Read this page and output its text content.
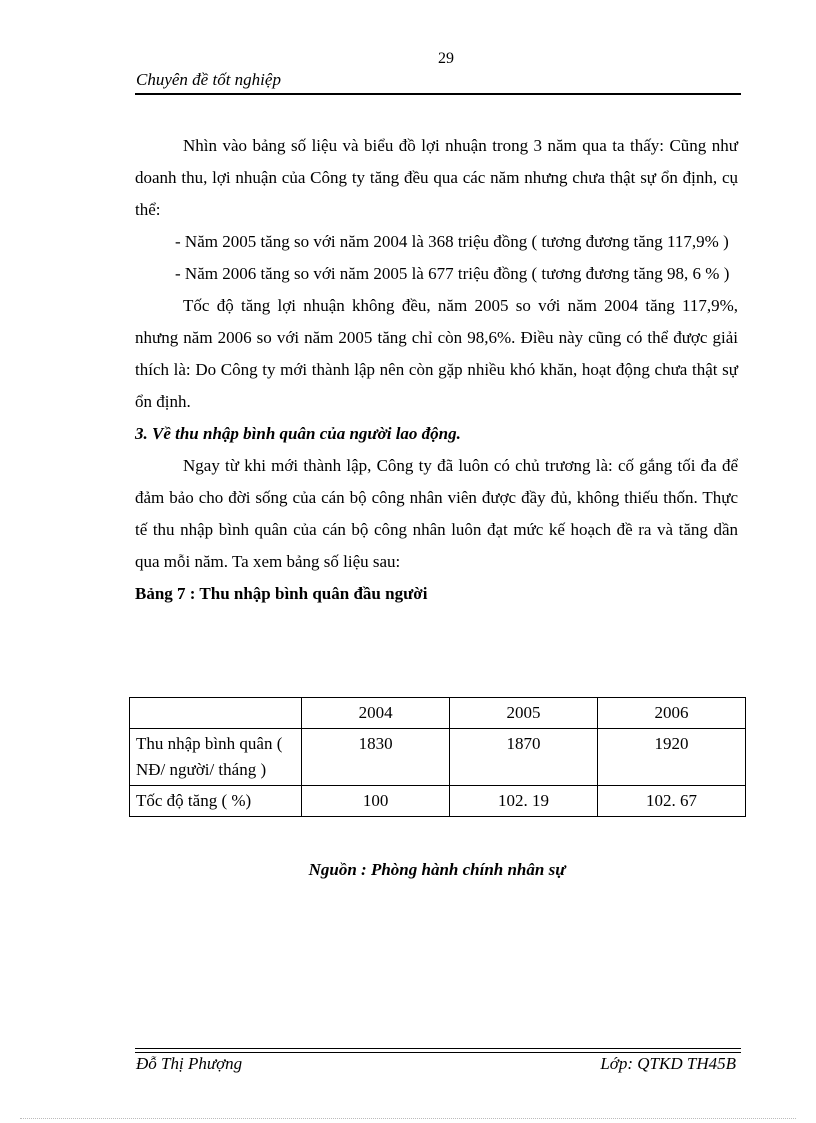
29
Chuyên đề tốt nghiệp

Nhìn vào bảng số liệu và biểu đồ lợi nhuận trong 3 năm qua ta thấy: Cũng như doanh thu, lợi nhuận của Công ty tăng đều qua các năm nhưng chưa thật sự ổn định, cụ thể:

- Năm 2005 tăng so với năm 2004 là 368 triệu đồng ( tương đương tăng 117,9% )

- Năm 2006 tăng so với năm 2005 là 677 triệu đồng ( tương đương tăng 98, 6 % )

Tốc độ tăng lợi nhuận không đều, năm 2005 so với năm 2004 tăng 117,9%, nhưng năm 2006 so với năm 2005 tăng chỉ còn 98,6%. Điều này cũng có thể được giải thích là: Do Công ty mới thành lập nên còn gặp nhiều khó khăn, hoạt động chưa thật sự ổn định.

3. Về thu nhập bình quân của người lao động.

Ngay từ khi mới thành lập, Công ty đã luôn có chủ trương là: cố gắng tối đa để đảm bảo cho đời sống của cán bộ công nhân viên được đầy đủ, không thiếu thốn. Thực tế thu nhập bình quân của cán bộ công nhân luôn đạt mức kế hoạch đề ra và tăng dần qua mỗi năm. Ta xem bảng số liệu sau:

Bảng 7 : Thu nhập bình quân đầu người

	2004	2005	2006
Thu nhập bình quân ( NĐ/ người/ tháng )	1830	1870	1920
Tốc độ tăng ( %)	100	102. 19	102. 67
Nguồn : Phòng hành chính nhân sự
Đỗ Thị Phượng	Lớp: QTKD TH45B
